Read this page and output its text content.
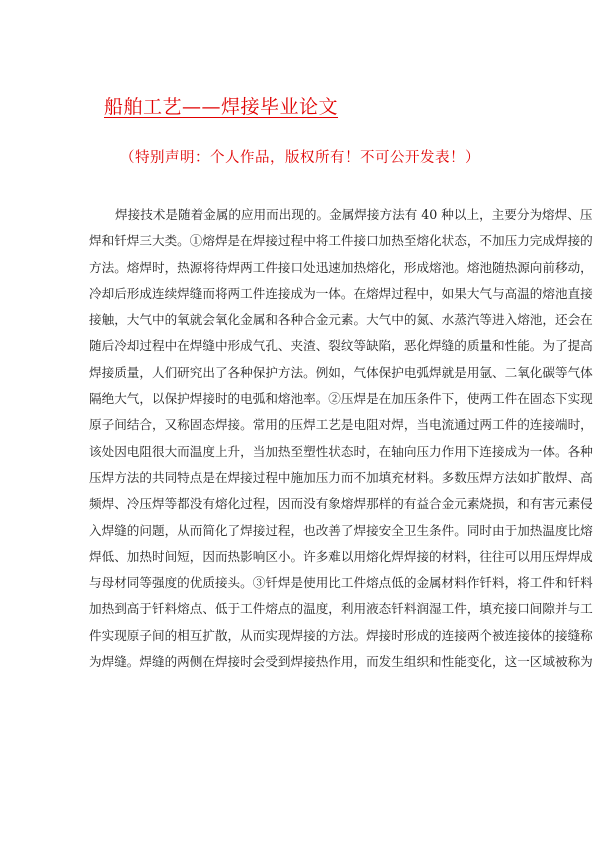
船舶工艺——焊接毕业论文

（特别声明：个人作品，版权所有！不可公开发表！）

焊接技术是随着金属的应用而出现的。金属焊接方法有 40 种以上，主要分为熔焊、压
焊和钎焊三大类。①熔焊是在焊接过程中将工件接口加热至熔化状态，不加压力完成焊接的
方法。熔焊时，热源将待焊两工件接口处迅速加热熔化，形成熔池。熔池随热源向前移动，
冷却后形成连续焊缝而将两工件连接成为一体。在熔焊过程中，如果大气与高温的熔池直接
接触，大气中的氧就会氧化金属和各种合金元素。大气中的氮、水蒸汽等进入熔池，还会在
随后冷却过程中在焊缝中形成气孔、夹渣、裂纹等缺陷，恶化焊缝的质量和性能。为了提高
焊接质量，人们研究出了各种保护方法。例如，气体保护电弧焊就是用氩、二氧化碳等气体
隔绝大气，以保护焊接时的电弧和熔池率。②压焊是在加压条件下，使两工件在固态下实现
原子间结合，又称固态焊接。常用的压焊工艺是电阻对焊，当电流通过两工件的连接端时，
该处因电阻很大而温度上升，当加热至塑性状态时，在轴向压力作用下连接成为一体。各种
压焊方法的共同特点是在焊接过程中施加压力而不加填充材料。多数压焊方法如扩散焊、高
频焊、冷压焊等都没有熔化过程，因而没有象熔焊那样的有益合金元素烧损，和有害元素侵
入焊缝的问题，从而简化了焊接过程，也改善了焊接安全卫生条件。同时由于加热温度比熔
焊低、加热时间短，因而热影响区小。许多难以用熔化焊焊接的材料，往往可以用压焊焊成
与母材同等强度的优质接头。③钎焊是使用比工件熔点低的金属材料作钎料，将工件和钎料
加热到高于钎料熔点、低于工件熔点的温度，利用液态钎料润湿工件，填充接口间隙并与工
件实现原子间的相互扩散，从而实现焊接的方法。焊接时形成的连接两个被连接体的接缝称
为焊缝。焊缝的两侧在焊接时会受到焊接热作用，而发生组织和性能变化，这一区域被称为
